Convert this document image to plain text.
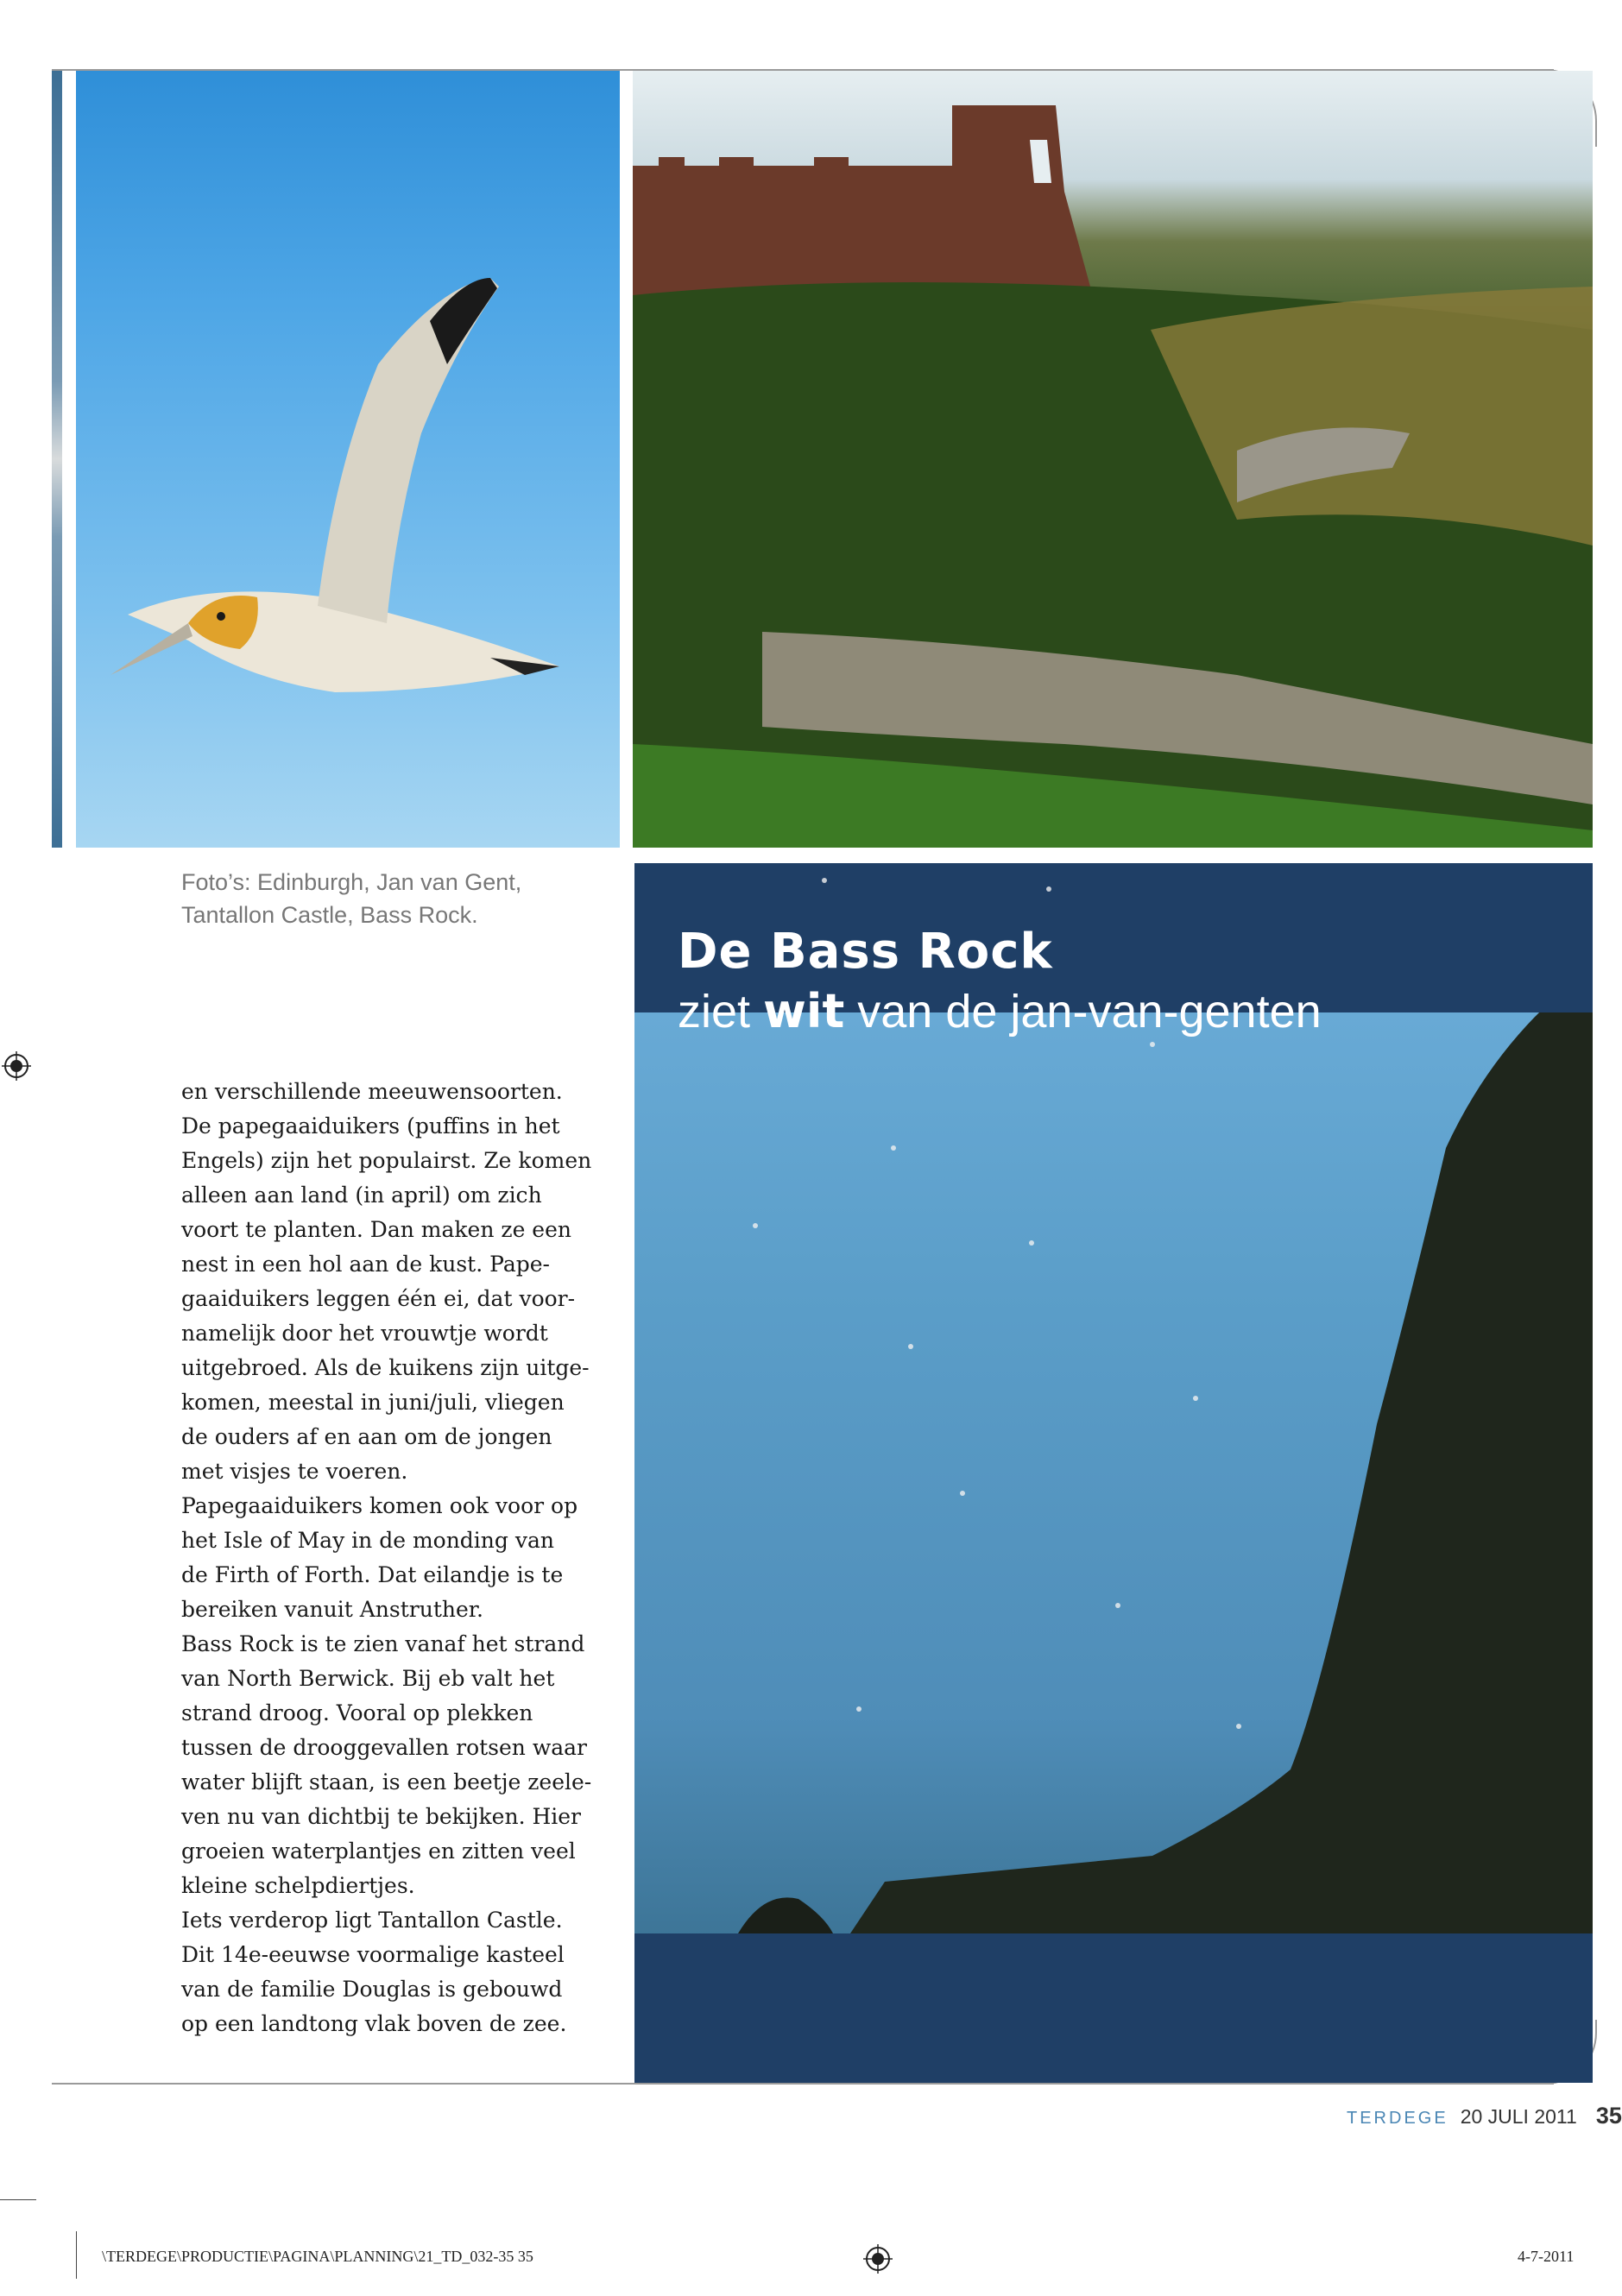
Foto’s: Edinburgh, Jan van Gent,
Tantallon Castle, Bass Rock.
De Bass Rock
ziet wit van de jan-van-genten

en verschillende meeuwensoorten.
De papegaaiduikers (puffins in het
Engels) zijn het populairst. Ze komen
alleen aan land (in april) om zich
voort te planten. Dan maken ze een
nest in een hol aan de kust. Pape-
gaaiduikers leggen één ei, dat voor-
namelijk door het vrouwtje wordt
uitgebroed. Als de kuikens zijn uitge-
komen, meestal in juni/juli, vliegen
de ouders af en aan om de jongen
met visjes te voeren.

Papegaaiduikers komen ook voor op
het Isle of May in de monding van
de Firth of Forth. Dat eilandje is te
bereiken vanuit Anstruther.

Bass Rock is te zien vanaf het strand
van North Berwick. Bij eb valt het
strand droog. Vooral op plekken
tussen de drooggevallen rotsen waar
water blijft staan, is een beetje zeele-
ven nu van dichtbij te bekijken. Hier
groeien waterplantjes en zitten veel
kleine schelpdiertjes.

Iets verderop ligt Tantallon Castle.
Dit 14e-eeuwse voormalige kasteel
van de familie Douglas is gebouwd
op een landtong vlak boven de zee.

TERDEGE 20 JULI 2011 35
\TERDEGE\PRODUCTIE\PAGINA\PLANNING\21_TD_032-35 35	4-7-2011
